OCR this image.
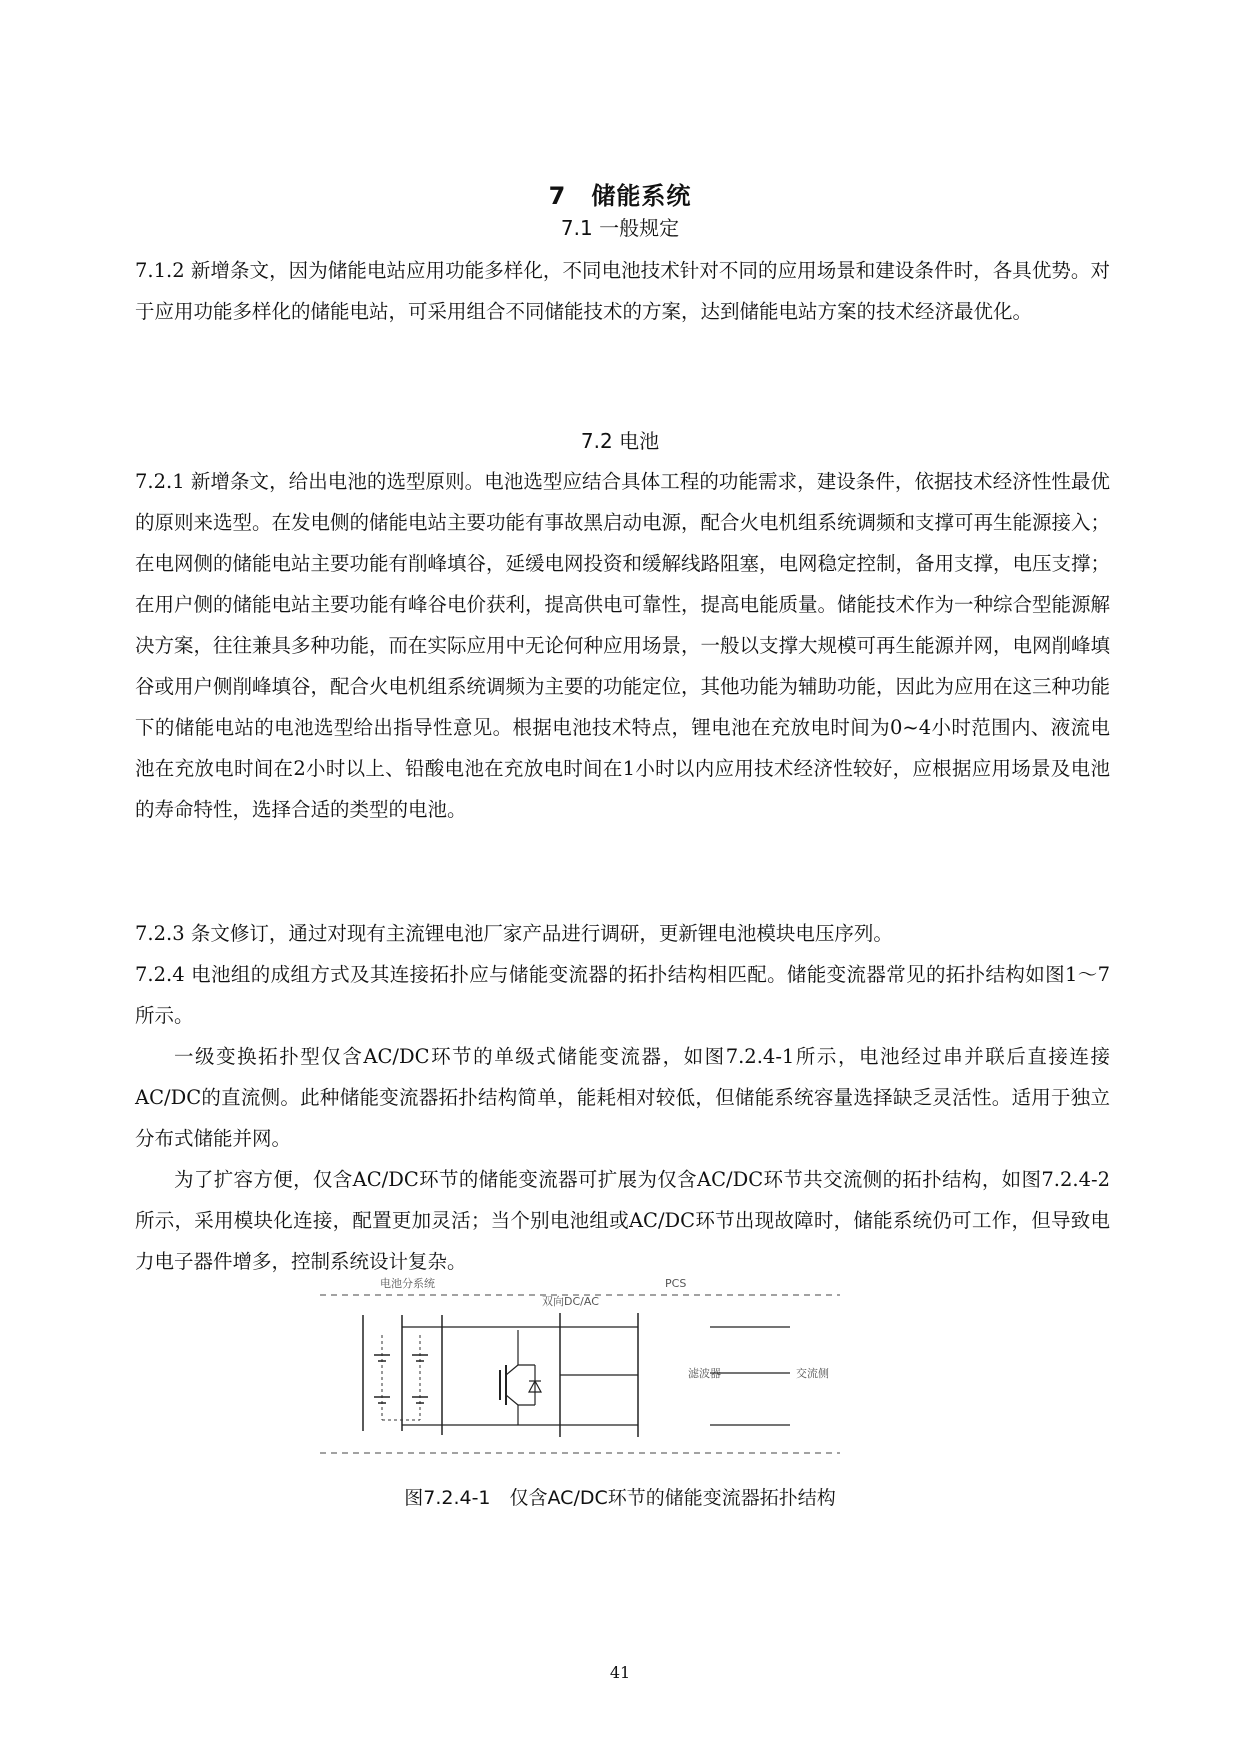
7　储能系统
7.1 一般规定

7.1.2 新增条文，因为储能电站应用功能多样化，不同电池技术针对不同的应用场景和建设条件时，各具优势。对于应用功能多样化的储能电站，可采用组合不同储能技术的方案，达到储能电站方案的技术经济最优化。

7.2 电池

7.2.1 新增条文，给出电池的选型原则。电池选型应结合具体工程的功能需求，建设条件，依据技术经济性性最优的原则来选型。在发电侧的储能电站主要功能有事故黑启动电源，配合火电机组系统调频和支撑可再生能源接入；在电网侧的储能电站主要功能有削峰填谷，延缓电网投资和缓解线路阻塞，电网稳定控制，备用支撑，电压支撑；在用户侧的储能电站主要功能有峰谷电价获利，提高供电可靠性，提高电能质量。储能技术作为一种综合型能源解决方案，往往兼具多种功能，而在实际应用中无论何种应用场景，一般以支撑大规模可再生能源并网，电网削峰填谷或用户侧削峰填谷，配合火电机组系统调频为主要的功能定位，其他功能为辅助功能，因此为应用在这三种功能下的储能电站的电池选型给出指导性意见。根据电池技术特点，锂电池在充放电时间为0~4小时范围内、液流电池在充放电时间在2小时以上、铅酸电池在充放电时间在1小时以内应用技术经济性较好，应根据应用场景及电池的寿命特性，选择合适的类型的电池。

7.2.3 条文修订，通过对现有主流锂电池厂家产品进行调研，更新锂电池模块电压序列。

7.2.4 电池组的成组方式及其连接拓扑应与储能变流器的拓扑结构相匹配。储能变流器常见的拓扑结构如图1～7所示。

一级变换拓扑型仅含AC/DC环节的单级式储能变流器，如图7.2.4-1所示，电池经过串并联后直接连接AC/DC的直流侧。此种储能变流器拓扑结构简单，能耗相对较低，但储能系统容量选择缺乏灵活性。适用于独立分布式储能并网。

为了扩容方便，仅含AC/DC环节的储能变流器可扩展为仅含AC/DC环节共交流侧的拓扑结构，如图7.2.4-2所示，采用模块化连接，配置更加灵活；当个别电池组或AC/DC环节出现故障时，储能系统仍可工作，但导致电力电子器件增多，控制系统设计复杂。

电池分系统	PCS
双向DC/AC
滤波器	交流侧
图7.2.4-1　仅含AC/DC环节的储能变流器拓扑结构
41
